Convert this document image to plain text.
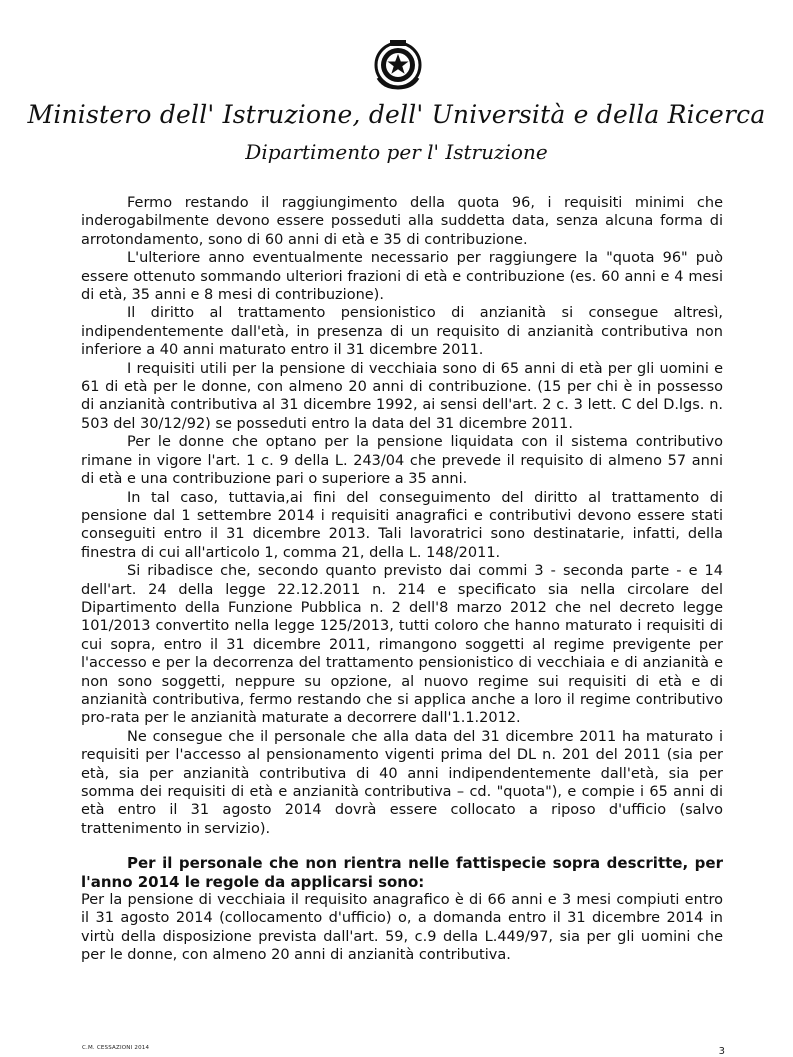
Ministero dell' Istruzione, dell' Università e della Ricerca
Dipartimento per l' Istruzione

Fermo restando il raggiungimento della quota 96, i requisiti minimi che inderogabilmente devono essere posseduti alla suddetta data, senza alcuna forma di arrotondamento, sono di 60 anni di età e 35 di contribuzione.

L'ulteriore anno eventualmente necessario per raggiungere la "quota 96" può essere ottenuto sommando ulteriori frazioni di età e contribuzione (es. 60 anni e 4 mesi di età, 35 anni e 8 mesi di contribuzione).

Il diritto al trattamento pensionistico di anzianità si consegue altresì, indipendentemente dall'età, in presenza di un requisito di anzianità contributiva non inferiore a 40 anni maturato entro il 31 dicembre 2011.

I requisiti utili per la pensione di vecchiaia sono di 65 anni di età per gli uomini e 61 di età per le donne, con almeno 20 anni di contribuzione. (15 per chi è in possesso di anzianità contributiva al 31 dicembre 1992, ai sensi dell'art. 2 c. 3 lett. C del D.lgs. n. 503 del 30/12/92) se posseduti entro la data del 31 dicembre 2011.

Per le donne che optano per la pensione liquidata con il sistema contributivo rimane in vigore l'art. 1 c. 9 della L. 243/04 che prevede il requisito di almeno 57 anni di età e una contribuzione pari o superiore a 35 anni.

In tal caso, tuttavia,ai fini del conseguimento del diritto al trattamento di pensione dal 1 settembre 2014 i requisiti anagrafici e contributivi devono essere stati conseguiti entro il 31 dicembre 2013. Tali lavoratrici sono destinatarie, infatti, della finestra di cui all'articolo 1, comma 21, della L. 148/2011.

Si ribadisce che, secondo quanto previsto dai commi 3 - seconda parte - e 14 dell'art. 24 della legge 22.12.2011 n. 214 e specificato sia nella circolare del Dipartimento della Funzione Pubblica n. 2 dell'8 marzo 2012 che nel decreto legge 101/2013 convertito nella legge 125/2013, tutti coloro che hanno maturato i requisiti di cui sopra, entro il 31 dicembre 2011, rimangono soggetti al regime previgente per l'accesso e per la decorrenza del trattamento pensionistico di vecchiaia e di anzianità e non sono soggetti, neppure su opzione, al nuovo regime sui requisiti di età e di anzianità contributiva, fermo restando che si applica anche a loro il regime contributivo pro-rata per le anzianità maturate a decorrere dall'1.1.2012.

Ne consegue che il personale che alla data del 31 dicembre 2011 ha maturato i requisiti per l'accesso al pensionamento vigenti prima del DL n. 201 del 2011 (sia per età, sia per anzianità contributiva di 40 anni indipendentemente dall'età, sia per somma dei requisiti di età e anzianità contributiva – cd. "quota"), e compie i 65 anni di età entro il 31 agosto 2014 dovrà essere collocato a riposo d'ufficio (salvo trattenimento in servizio).

Per il personale che non rientra nelle fattispecie sopra descritte, per l'anno 2014 le regole da applicarsi sono:

Per la pensione di vecchiaia il requisito anagrafico è di 66 anni e 3 mesi compiuti entro il 31 agosto 2014 (collocamento d'ufficio) o, a domanda entro il 31 dicembre 2014 in virtù della disposizione prevista dall'art. 59, c.9 della L.449/97, sia per gli uomini che per le donne, con almeno 20 anni di anzianità contributiva.

C.M. CESSAZIONI 2014	3
